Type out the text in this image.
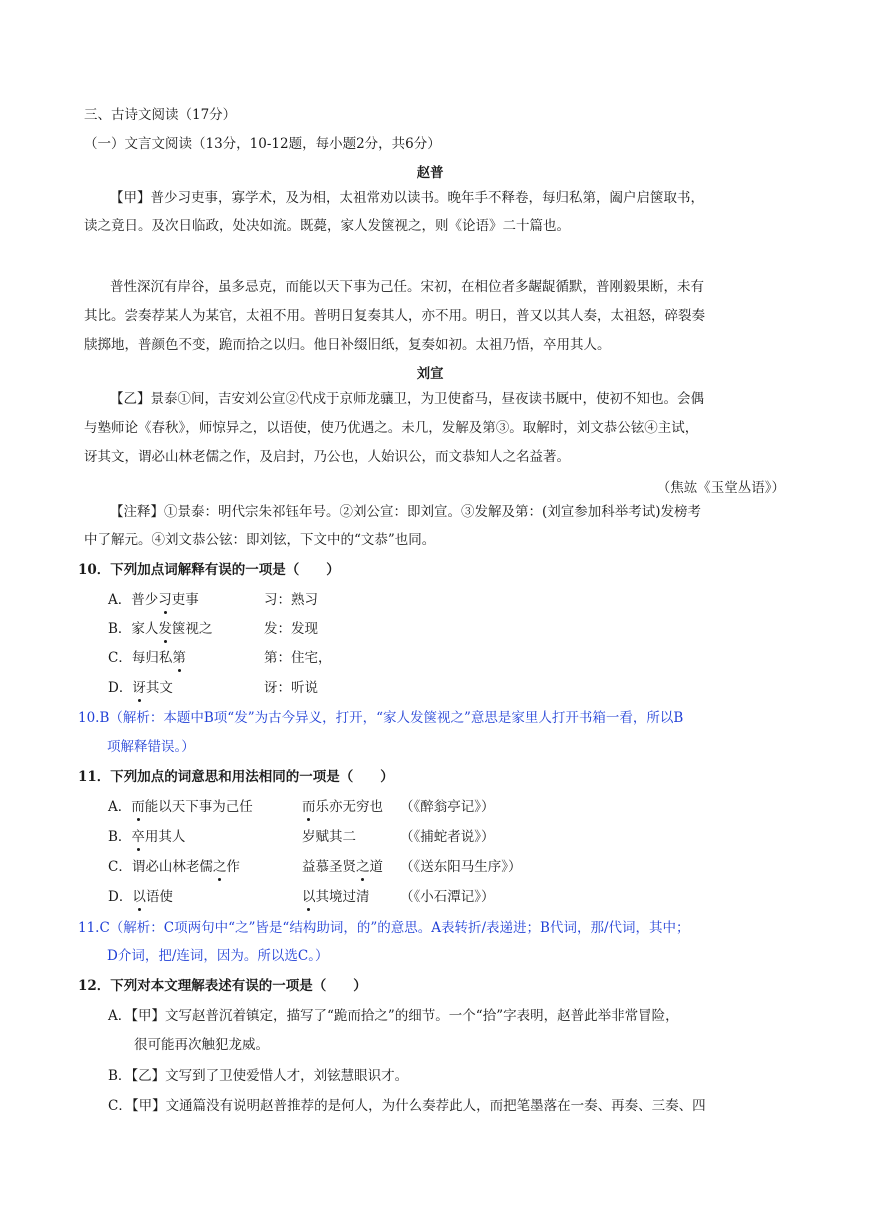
三、古诗文阅读（17分）
（一）文言文阅读（13分，10-12题，每小题2分，共6分）
赵普
【甲】普少习吏事，寡学术，及为相，太祖常劝以读书。晚年手不释卷，每归私第，阖户启箧取书，
读之竟日。及次日临政，处决如流。既薨，家人发箧视之，则《论语》二十篇也。
普性深沉有岸谷，虽多忌克，而能以天下事为己任。宋初，在相位者多龌龊循默，普刚毅果断，未有
其比。尝奏荐某人为某官，太祖不用。普明日复奏其人，亦不用。明日，普又以其人奏，太祖怒，碎裂奏
牍掷地，普颜色不变，跪而拾之以归。他日补缀旧纸，复奏如初。太祖乃悟，卒用其人。
刘宣
【乙】景泰①间，吉安刘公宣②代戍于京师龙骧卫，为卫使畜马，昼夜读书厩中，使初不知也。会偶
与塾师论《春秋》，师惊异之，以语使，使乃优遇之。未几，发解及第③。取解时，刘文恭公铉④主试，
讶其文，谓必山林老儒之作，及启封，乃公也，人始识公，而文恭知人之名益著。
（焦竑《玉堂丛语》）
【注释】①景泰：明代宗朱祁钰年号。②刘公宣：即刘宣。③发解及第：(刘宣参加科举考试)发榜考
中了解元。④刘文恭公铉：即刘铉，下文中的“文恭”也同。
10．下列加点词解释有误的一项是（　　）
A．普少习吏事	习：熟习
B．家人发箧视之	发：发现
C．每归私第	第：住宅，
D．讶其文	讶：听说
10.B（解析：本题中B项“发”为古今异义，打开，“家人发箧视之”意思是家里人打开书箱一看，所以B
项解释错误。）
11．下列加点的词意思和用法相同的一项是（　　）
A．而能以天下事为己任	而乐亦无穷也 （《醉翁亭记》）
B．卒用其人	岁赋其二	（《捕蛇者说》）
C．谓必山林老儒之作	益慕圣贤之道 （《送东阳马生序》）
D．以语使	以其境过清 （《小石潭记》）
11.C（解析：C项两句中“之”皆是“结构助词，的”的意思。A表转折/表递进；B代词，那/代词，其中；
D介词，把/连词，因为。所以选C。）
12．下列对本文理解表述有误的一项是（　　）
A．【甲】文写赵普沉着镇定，描写了“跪而拾之”的细节。一个“拾”字表明，赵普此举非常冒险，
很可能再次触犯龙威。
B．【乙】文写到了卫使爱惜人才，刘铉慧眼识才。
C．【甲】文通篇没有说明赵普推荐的是何人，为什么奏荐此人，而把笔墨落在一奏、再奏、三奏、四
